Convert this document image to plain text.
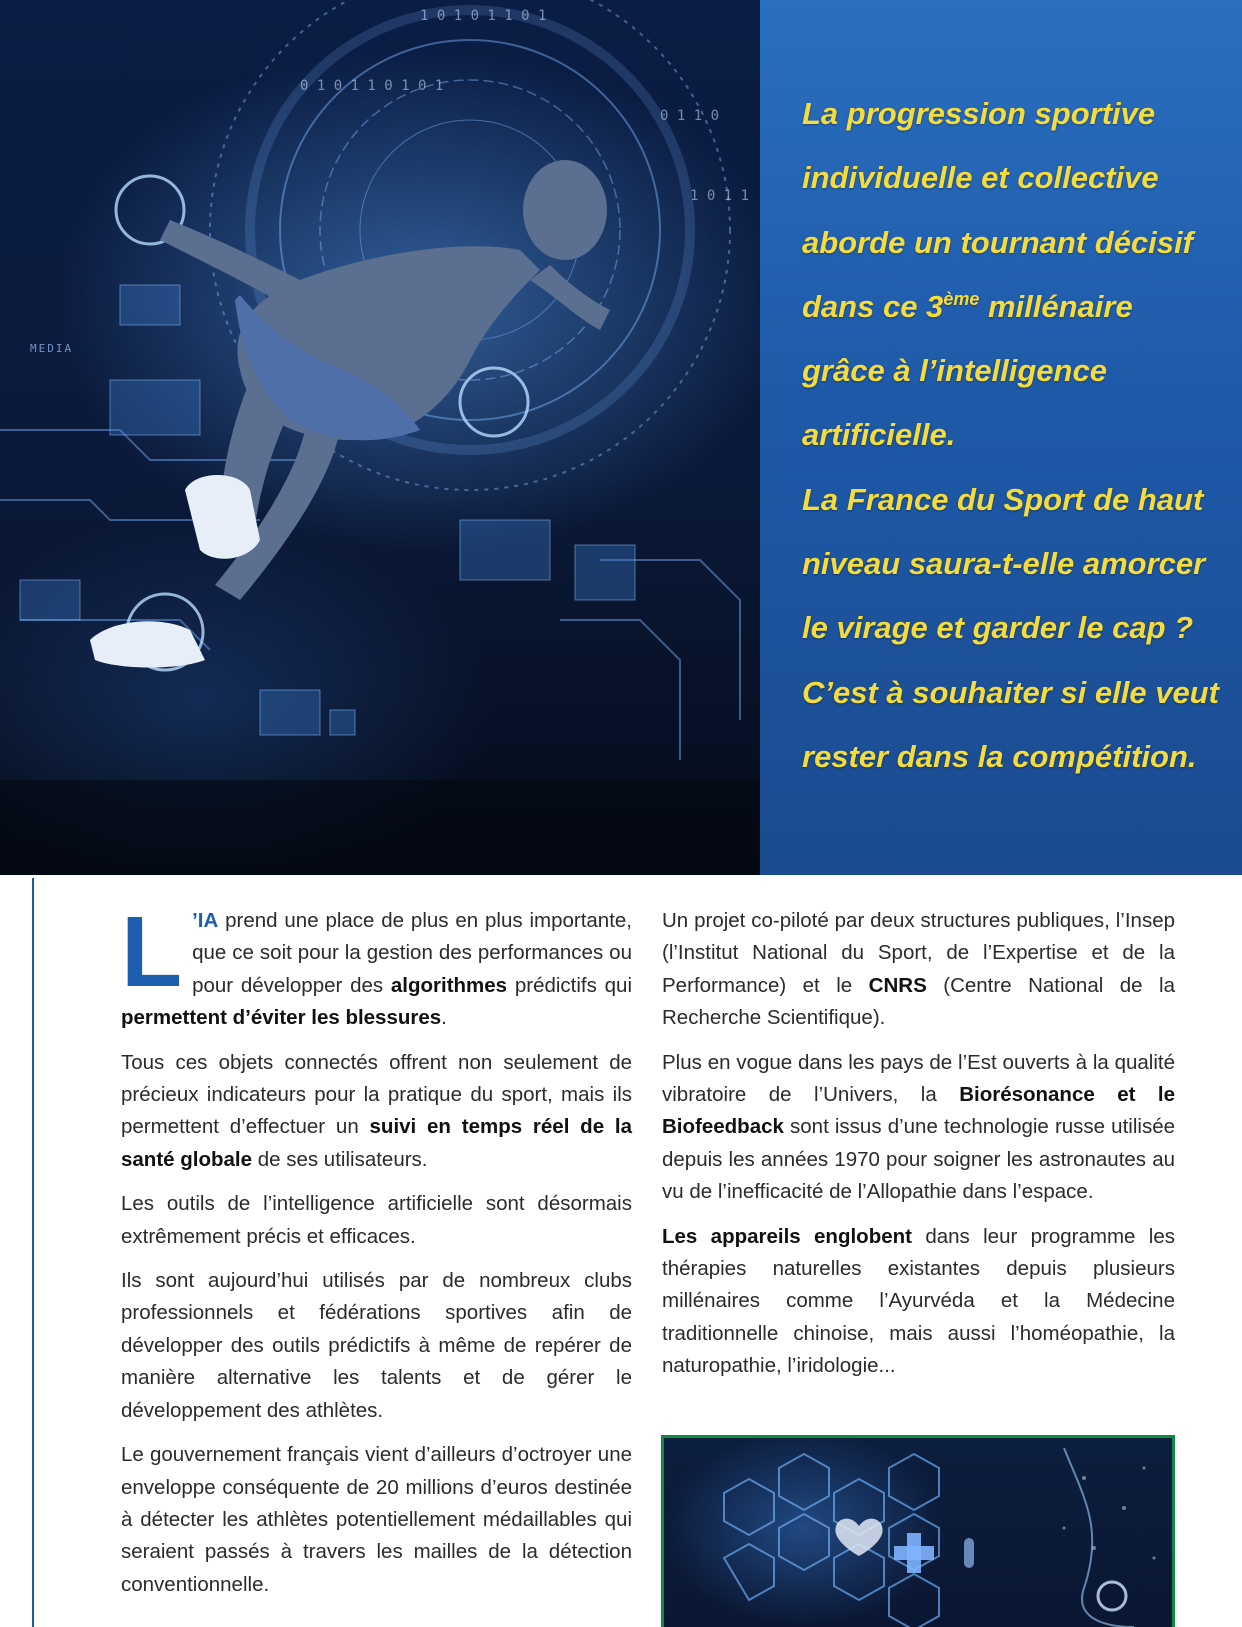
1 0 1 0 1 1 0 1
0 1 1 0
1 0 1 1
0 1 0 1 1 0 1 0 1
MEDIA

La progression sportive

individuelle et collective

aborde un tournant décisif

dans ce 3ème millénaire

grâce à l’intelligence

artificielle.

La France du Sport de haut

niveau saura-t-elle amorcer

le virage et garder le cap ?

C’est à souhaiter si elle veut

rester dans la compétition.

L ’IA prend une place de plus en plus importante, que ce soit pour la gestion des performances ou pour développer des algorithmes prédictifs qui permettent d’éviter les blessures.

Tous ces objets connectés offrent non seulement de précieux indicateurs pour la pratique du sport, mais ils permettent d’effectuer un suivi en temps réel de la santé globale de ses utilisateurs.

Les outils de l’intelligence artificielle sont désormais extrêmement précis et efficaces.

Ils sont aujourd’hui utilisés par de nombreux clubs professionnels et fédérations sportives afin de développer des outils prédictifs à même de repérer de manière alternative les talents et de gérer le développement des athlètes.

Le gouvernement français vient d’ailleurs d’octroyer une enveloppe conséquente de 20 millions d’euros destinée à détecter les athlètes potentiellement médaillables qui seraient passés à travers les mailles de la détection conventionnelle.

Un projet co-piloté par deux structures publiques, l’Insep (l’Institut National du Sport, de l’Expertise et de la Performance) et le CNRS (Centre National de la Recherche Scientifique).

Plus en vogue dans les pays de l’Est ouverts à la qualité vibratoire de l’Univers, la Biorésonance et le Biofeedback sont issus d’une technologie russe utilisée depuis les années 1970 pour soigner les astronautes au vu de l’inefficacité de l’Allopathie dans l’espace.

Les appareils englobent dans leur programme les thérapies naturelles existantes depuis plusieurs millénaires comme l’Ayurvéda et la Médecine traditionnelle chinoise, mais aussi l’homéopathie, la naturopathie, l’iridologie...
